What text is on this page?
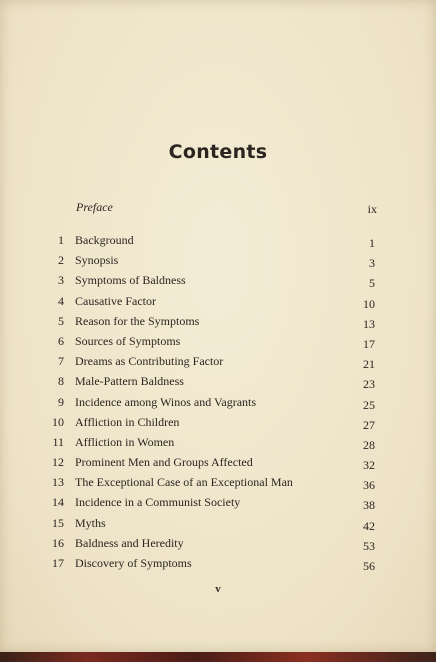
Contents
Preface	ix
1 Background	1
2 Synopsis	3
3 Symptoms of Baldness	5
4 Causative Factor	10
5 Reason for the Symptoms	13
6 Sources of Symptoms	17
7 Dreams as Contributing Factor	21
8 Male-Pattern Baldness	23
9 Incidence among Winos and Vagrants	25
10 Affliction in Children	27
11 Affliction in Women	28
12 Prominent Men and Groups Affected	32
13 The Exceptional Case of an Exceptional Man	36
14 Incidence in a Communist Society	38
15 Myths	42
16 Baldness and Heredity	53
17 Discovery of Symptoms	56
v
